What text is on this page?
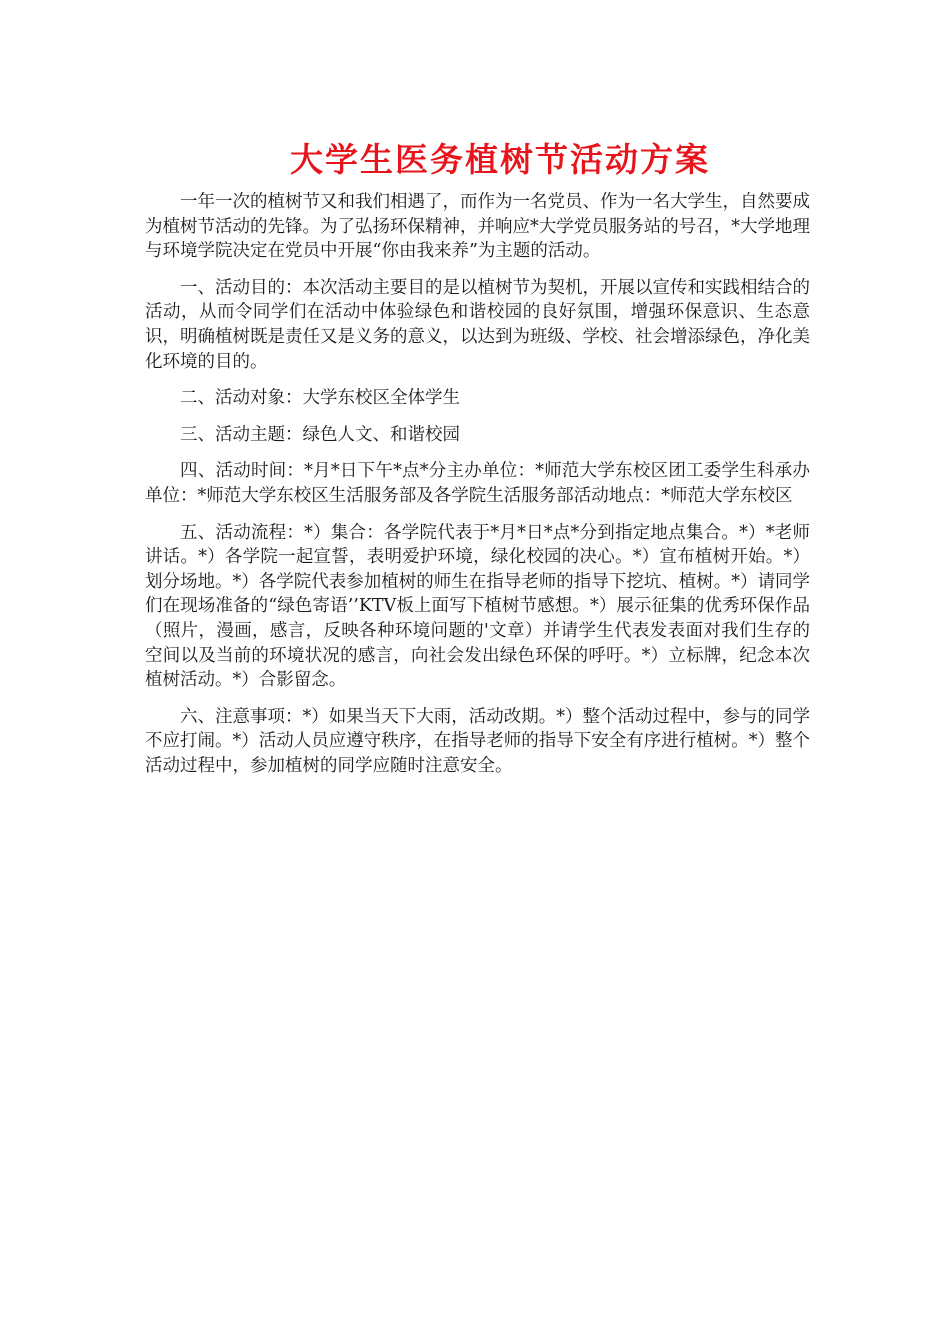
大学生医务植树节活动方案

一年一次的植树节又和我们相遇了，而作为一名党员、作为一名大学生，自然要成为植树节活动的先锋。为了弘扬环保精神，并响应*大学党员服务站的号召，*大学地理与环境学院决定在党员中开展“你由我来养”为主题的活动。

一、活动目的：本次活动主要目的是以植树节为契机，开展以宣传和实践相结合的活动，从而令同学们在活动中体验绿色和谐校园的良好氛围，增强环保意识、生态意识，明确植树既是责任又是义务的意义，以达到为班级、学校、社会增添绿色，净化美化环境的目的。

二、活动对象：大学东校区全体学生

三、活动主题：绿色人文、和谐校园

四、活动时间：*月*日下午*点*分主办单位：*师范大学东校区团工委学生科承办单位：*师范大学东校区生活服务部及各学院生活服务部活动地点：*师范大学东校区

五、活动流程：*）集合：各学院代表于*月*日*点*分到指定地点集合。*）*老师讲话。*）各学院一起宣誓，表明爱护环境，绿化校园的决心。*）宣布植树开始。*）划分场地。*）各学院代表参加植树的师生在指导老师的指导下挖坑、植树。*）请同学们在现场准备的“绿色寄语’’KTV板上面写下植树节感想。*）展示征集的优秀环保作品（照片，漫画，感言，反映各种环境问题的'文章）并请学生代表发表面对我们生存的空间以及当前的环境状况的感言，向社会发出绿色环保的呼吁。*）立标牌，纪念本次植树活动。*）合影留念。

六、注意事项：*）如果当天下大雨，活动改期。*）整个活动过程中，参与的同学不应打闹。*）活动人员应遵守秩序，在指导老师的指导下安全有序进行植树。*）整个活动过程中，参加植树的同学应随时注意安全。
